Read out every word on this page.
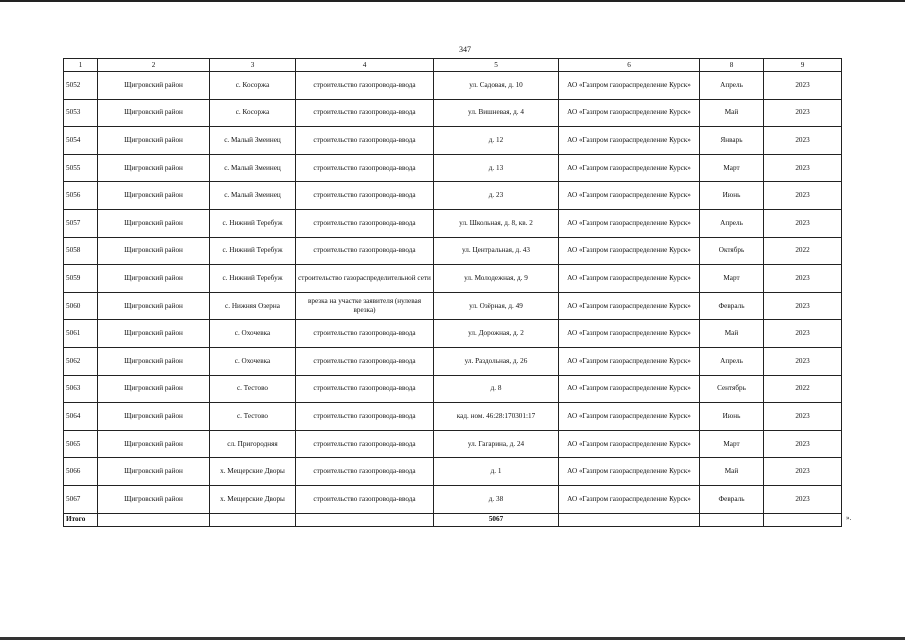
347
1	2	3	4	5	6	8	9
5052	Щигровский район	с. Косоржа	строительство газопровода-ввода	ул. Садовая, д. 10	АО «Газпром газораспределение Курск»	Апрель	2023
5053	Щигровский район	с. Косоржа	строительство газопровода-ввода	ул. Вишневая, д. 4	АО «Газпром газораспределение Курск»	Май	2023
5054	Щигровский район	с. Малый Змеинец	строительство газопровода-ввода	д. 12	АО «Газпром газораспределение Курск»	Январь	2023
5055	Щигровский район	с. Малый Змеинец	строительство газопровода-ввода	д. 13	АО «Газпром газораспределение Курск»	Март	2023
5056	Щигровский район	с. Малый Змеинец	строительство газопровода-ввода	д. 23	АО «Газпром газораспределение Курск»	Июнь	2023
5057	Щигровский район	с. Нижний Теребуж	строительство газопровода-ввода	ул. Школьная, д. 8, кв. 2	АО «Газпром газораспределение Курск»	Апрель	2023
5058	Щигровский район	с. Нижний Теребуж	строительство газопровода-ввода	ул. Центральная, д. 43	АО «Газпром газораспределение Курск»	Октябрь	2022
5059	Щигровский район	с. Нижний Теребуж	строительство газораспределительной сети	ул. Молодежная, д. 9	АО «Газпром газораспределение Курск»	Март	2023
5060	Щигровский район	с. Нижняя Озерна	врезка на участке заявителя (нулевая врезка)	ул. Озёрная, д. 49	АО «Газпром газораспределение Курск»	Февраль	2023
5061	Щигровский район	с. Охочевка	строительство газопровода-ввода	ул. Дорожная, д. 2	АО «Газпром газораспределение Курск»	Май	2023
5062	Щигровский район	с. Охочевка	строительство газопровода-ввода	ул. Раздольная, д. 26	АО «Газпром газораспределение Курск»	Апрель	2023
5063	Щигровский район	с. Тестово	строительство газопровода-ввода	д. 8	АО «Газпром газораспределение Курск»	Сентябрь	2022
5064	Щигровский район	с. Тестово	строительство газопровода-ввода	кад. ном. 46:28:170301:17	АО «Газпром газораспределение Курск»	Июнь	2023
5065	Щигровский район	сл. Пригородняя	строительство газопровода-ввода	ул. Гагарина, д. 24	АО «Газпром газораспределение Курск»	Март	2023
5066	Щигровский район	х. Мещерские Дворы	строительство газопровода-ввода	д. 1	АО «Газпром газораспределение Курск»	Май	2023
5067	Щигровский район	х. Мещерские Дворы	строительство газопровода-ввода	д. 38	АО «Газпром газораспределение Курск»	Февраль	2023
Итого				5067				».
